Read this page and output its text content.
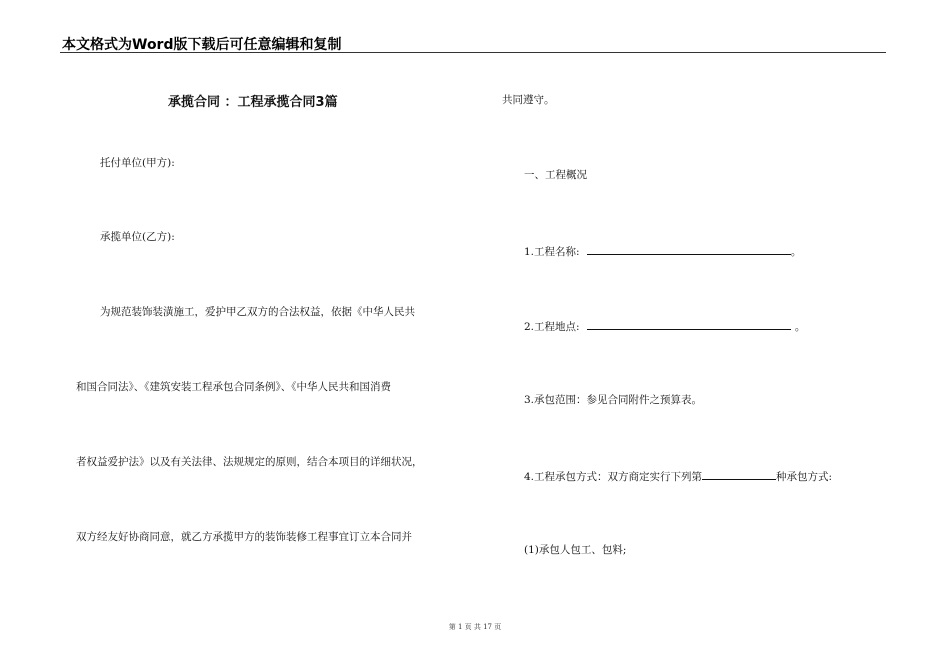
本文格式为Word版下载后可任意编辑和复制
承揽合同 ：工程承揽合同3篇
托付单位(甲方):
承揽单位(乙方):
为规范装饰装潢施工，爱护甲乙双方的合法权益，依据《中华人民共
和国合同法》、《建筑安装工程承包合同条例》、《中华人民共和国消费
者权益爱护法》以及有关法律、法规规定的原则，结合本项目的详细状况，
双方经友好协商同意，就乙方承揽甲方的装饰装修工程事宜订立本合同并
共同遵守。
一、工程概况
1.工程名称:	。
2.工程地点:	。
3.承包范围：参见合同附件之预算表。
4.工程承包方式：双方商定实行下列第	种承包方式:
(1)承包人包工、包料;
第 1 页 共 17 页
